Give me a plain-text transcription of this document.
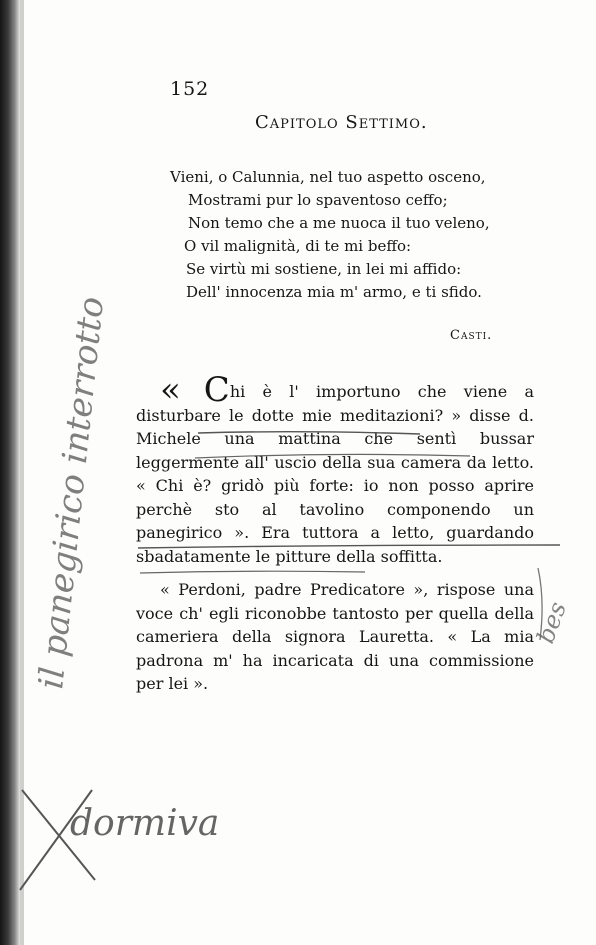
152
Capitolo Settimo.
Vieni, o Calunnia, nel tuo aspetto osceno,
Mostrami pur lo spaventoso ceffo;
Non temo che a me nuoca il tuo veleno,
O vil malignità, di te mi beffo:
Se virtù mi sostiene, in lei mi affido:
Dell' innocenza mia m' armo, e ti sfido.
Casti.

« Chi è l' importuno che viene a disturbare le dotte mie meditazioni? » disse d. Michele una mattina che sentì bussar leggermente all' uscio della sua camera da letto. « Chi è? gridò più forte: io non posso aprire perchè sto al tavolino componendo un panegirico ». Era tuttora a letto, guardando sbadatamente le pitture della soffitta.

« Perdoni, padre Predicatore », rispose una voce ch' egli riconobbe tantosto per quella della cameriera della signora Lauretta. « La mia padrona m' ha incaricata di una commissione per lei ».

il panegirico interrotto
dormiva
bes
